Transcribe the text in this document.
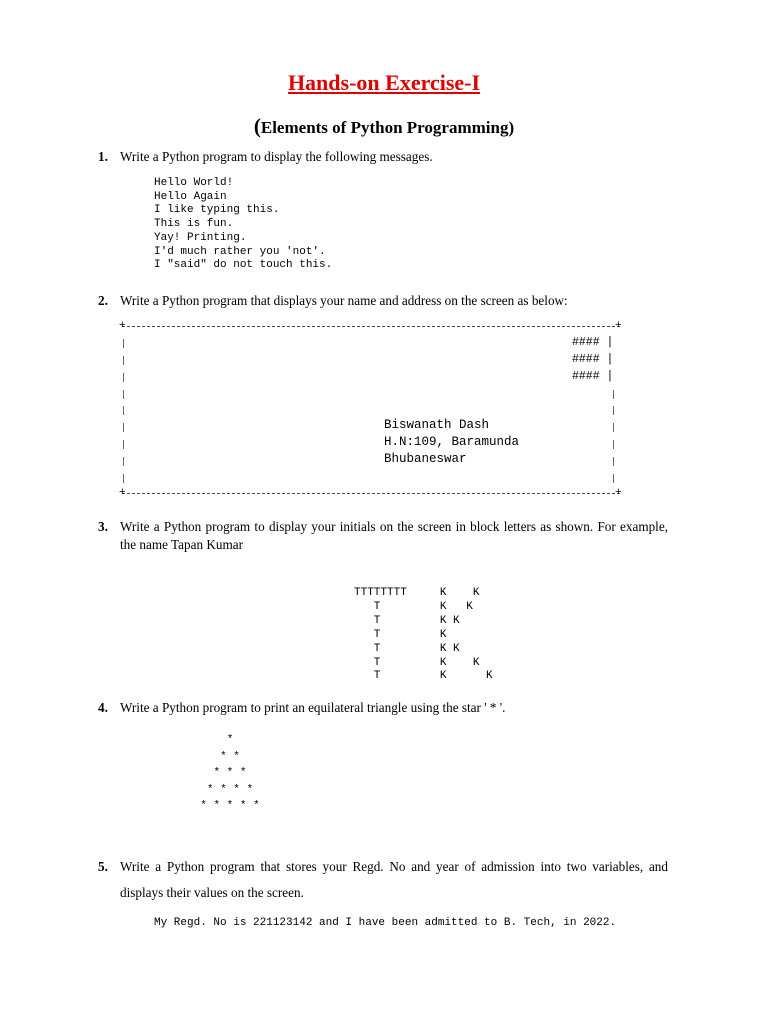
Hands-on Exercise-I
(Elements of Python Programming)
1. Write a Python program to display the following messages.
Hello World!
Hello Again
I like typing this.
This is fun.
Yay! Printing.
I'd much rather you 'not'.
I "said" do not touch this.
2. Write a Python program that displays your name and address on the screen as below:
+	+
+	+
#### |
#### |
#### |
Biswanath Dash
H.N:109, Baramunda
Bhubaneswar
3. Write a Python program to display your initials on the screen in block letters as shown. For example, the name Tapan Kumar
TTTTTTTT     K    K
T         K   K
T         K K
T         K
T         K K
T         K    K
T         K      K
4. Write a Python program to print an equilateral triangle using the star ' * '.
*
* *
* * *
* * * *
* * * * *
5. Write a Python program that stores your Regd. No and year of admission into two variables, and displays their values on the screen.
My Regd. No is 221123142 and I have been admitted to B. Tech, in 2022.
